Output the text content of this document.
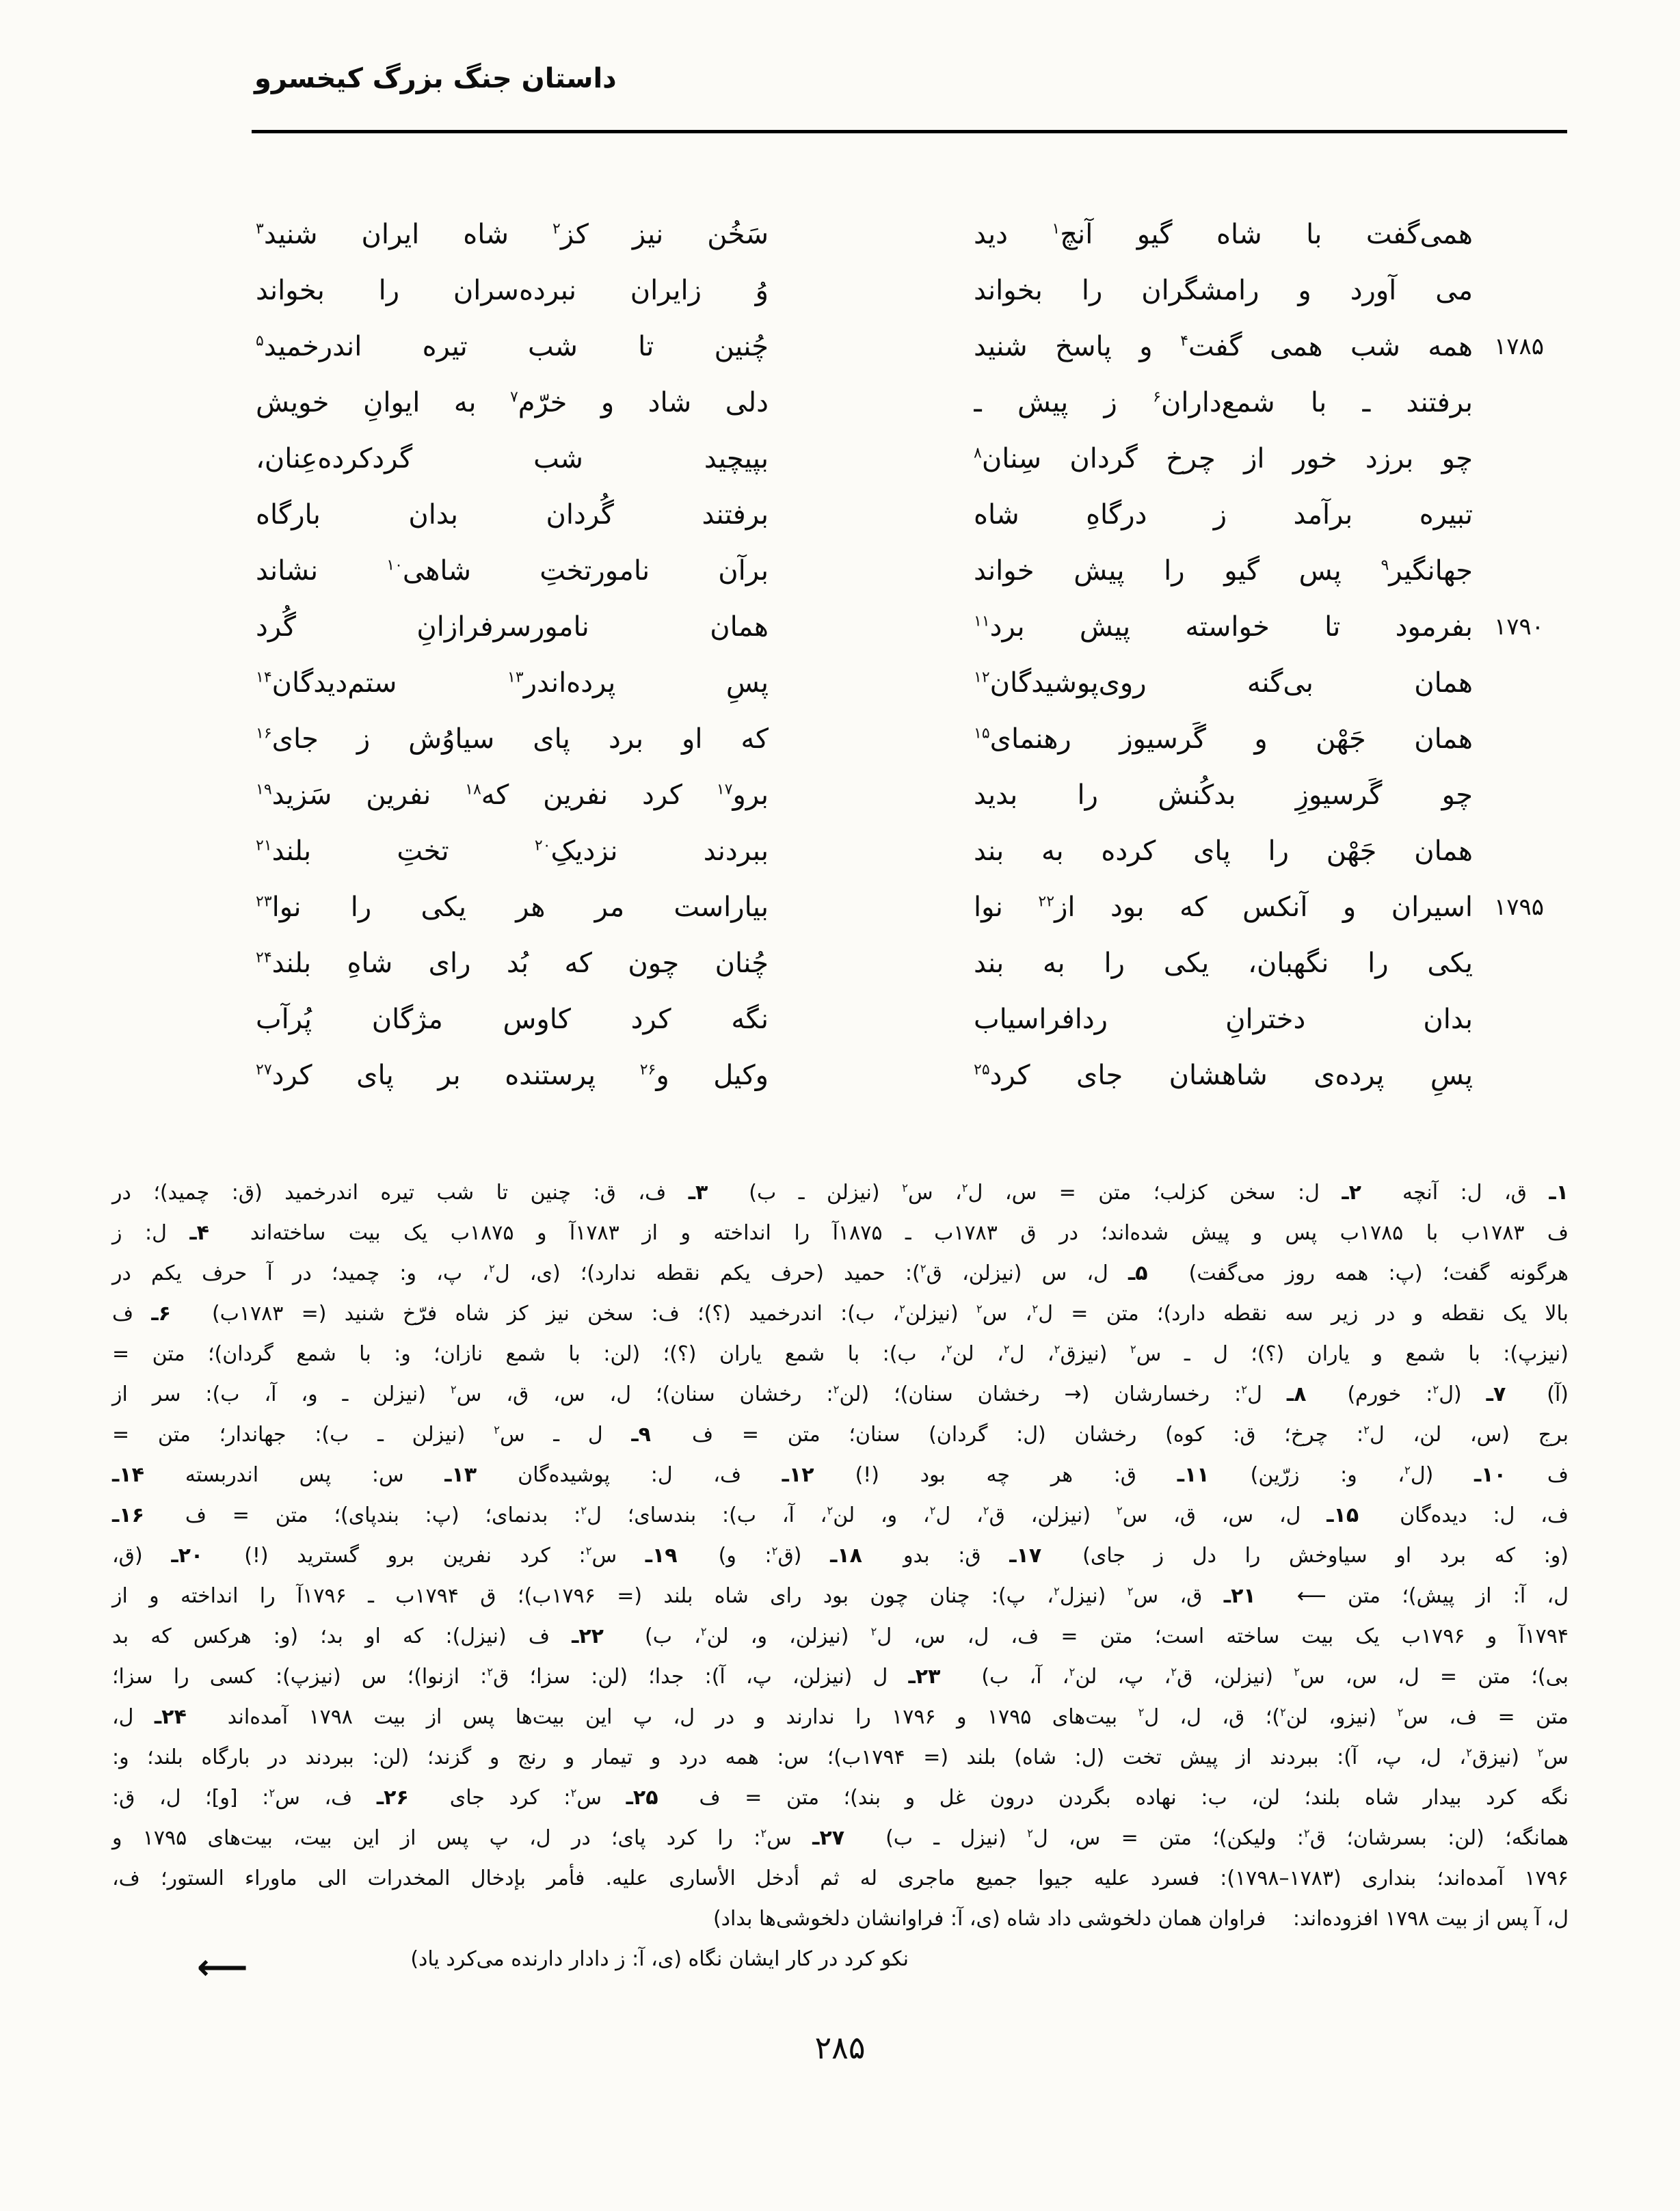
داستان جنگ بزرگ کیخسرو
همی‌گفت با شاه گیو آنچ$^۱$ دید
سَخُن نیز کز$^۲$ شاه ایران شنید$^۳$
می آورد و رامشگران را بخواند
وُ زایران نبرده‌سران را بخواند
۱۷۸۵
همه شب همی گفت$^۴$ و پاسخ شنید
چُنین تا شب تیره اندرخمید$^۵$
برفتند ـ با شمع‌داران$^۶$ ز پیش ـ
دلی شاد و خرّم$^۷$ به ایوانِ خویش
چو برزد خور از چرخ گردان سِنان$^۸$
بپیچید شب گردکرده‌عِنان،
تبیره برآمد ز درگاهِ شاه
برفتند گُردان بدان بارگاه
جهانگیر$^۹$ پس گیو را پیش خواند
برآن نامورتختِ شاهی$^{۱۰}$ نشاند
۱۷۹۰
بفرمود تا خواسته پیش برد$^{۱۱}$
همان نامورسرفرازانِ گُرد
همان بی‌گنه روی‌پوشیدگان$^{۱۲}$
پسِ پرده‌اندر$^{۱۳}$ ستم‌دیدگان$^{۱۴}$
همان جَهْن و گَرسیوز رهنمای$^{۱۵}$
که او برد پای سیاوُش ز جای$^{۱۶}$
چو گَرسیوزِ بدکُنش را بدید
برو$^{۱۷}$ کرد نفرین که$^{۱۸}$ نفرین سَزید$^{۱۹}$
همان جَهْن را پای کرده به بند
ببردند نزدیکِ$^{۲۰}$ تختِ بلند$^{۲۱}$
۱۷۹۵
اسیران و آنکس که بود از$^{۲۲}$ نوا
بیاراست مر هر یکی را نوا$^{۲۳}$
یکی را نگهبان، یکی را به بند
چُنان چون که بُد رای شاهِ بلند$^{۲۴}$
بدان دخترانِ ردافراسیاب
نگه کرد کاوس مژگان پُرآب
پسِ پرده‌ی شاهشان جای کرد$^{۲۵}$
وکیل و$^{۲۶}$ پرستنده بر پای کرد$^{۲۷}$
۱ـ ق، ل: آنچه  ۲ـ ل: سخن کزلب؛ متن = س، ل$^۲$، س$^۲$ (نیزلن ـ ب)  ۳ـ ف، ق: چنین تا شب تیره اندرخمید (ق: چمید)؛ در
ف ۱۷۸۳ب با ۱۷۸۵ب پس و پیش شده‌اند؛ در ق ۱۷۸۳ب ـ ۱۸۷۵آ را انداخته و از ۱۷۸۳آ و ۱۸۷۵ب یک بیت ساخته‌اند  ۴ـ ل: ز
هرگونه گفت؛ (پ: همه روز می‌گفت)  ۵ـ ل، س (نیزلن، ق$^۲$): حمید (حرف یکم نقطه ندارد)؛ (ی، ل$^۲$، پ، و: چمید؛ در آ حرف یکم در
بالا یک نقطه و در زیر سه نقطه دارد)؛ متن = ل$^۲$، س$^۲$ (نیزلن$^۲$، ب): اندرخمید (؟)؛ ف: سخن نیز کز شاه فرّخ شنید (= ۱۷۸۳ب)  ۶ـ ف
(نیزپ): با شمع و یاران (؟)؛ ل ـ س$^۲$ (نیزق$^۲$، ل$^۲$، لن$^۲$، ب): با شمع یاران (؟)؛ (لن: با شمع نازان؛ و: با شمع گردان)؛ متن =
(آ)  ۷ـ (ل$^۲$: خورم)  ۸ـ ل$^۲$: رخسارشان (→ رخشان سنان)؛ (لن$^۲$: رخشان سنان)؛ ل، س، ق، س$^۲$ (نیزلن ـ و، آ، ب): سر از
برج (س، لن، ل$^۲$: چرخ؛ ق: کوه) رخشان (ل: گردان) سنان؛ متن = ف  ۹ـ ل ـ س$^۲$ (نیزلن ـ ب): جهاندار؛ متن =
ف  ۱۰ـ (ل$^۲$، و: زرّین)  ۱۱ـ ق: هر چه بود (!)  ۱۲ـ ف، ل: پوشیده‌گان  ۱۳ـ س: پس اندربسته  ۱۴ـ
ف، ل: دیده‌گان  ۱۵ـ ل، س، ق، س$^۲$ (نیزلن، ق$^۲$، ل$^۲$، و، لن$^۲$، آ، ب): بندسای؛ ل$^۲$: بدنمای؛ (پ: بندپای)؛ متن = ف  ۱۶ـ
(و: که برد او سیاوخش را دل ز جای)  ۱۷ـ ق: بدو  ۱۸ـ (ق$^۲$: و)  ۱۹ـ س$^۲$: کرد نفرین برو گسترید (!)  ۲۰ـ (ق،
ل، آ: از پیش)؛ متن ⟵  ۲۱ـ ق، س$^۲$ (نیزل$^۲$، پ): چنان چون بود رای شاه بلند (= ۱۷۹۶ب)؛ ق ۱۷۹۴ب ـ ۱۷۹۶آ را انداخته و از
۱۷۹۴آ و ۱۷۹۶ب یک بیت ساخته است؛ متن = ف، ل، س، ل$^۲$ (نیزلن، و، لن$^۲$، ب)  ۲۲ـ ف (نیزل): که او بد؛ (و: هرکس که بد
بی)؛ متن = ل، س، س$^۲$ (نیزلن، ق$^۲$، پ، لن$^۲$، آ، ب)  ۲۳ـ ل (نیزلن، پ، آ): جدا؛ (لن: سزا؛ ق$^۲$: ازنوا)؛ س (نیزپ): کسی را سزا؛
متن = ف، س$^۲$ (نیزو، لن$^۲$)؛ ق، ل، ل$^۲$ بیت‌های ۱۷۹۵ و ۱۷۹۶ را ندارند و در ل، پ این بیت‌ها پس از بیت ۱۷۹۸ آمده‌اند  ۲۴ـ ل،
س$^۲$ (نیزق$^۲$، ل، پ، آ): ببردند از پیش تخت (ل: شاه) بلند (= ۱۷۹۴ب)؛ س: همه درد و تیمار و رنج و گزند؛ (لن: ببردند در بارگاه بلند؛ و:
نگه کرد بیدار شاه بلند؛ لن، ب: نهاده بگردن درون غل و بند)؛ متن = ف  ۲۵ـ س$^۲$: کرد جای  ۲۶ـ ف، س$^۲$: [و]؛ ل، ق:
همانگه؛ (لن: بسرشان؛ ق$^۲$: ولیکن)؛ متن = س، ل$^۲$ (نیزل ـ ب)  ۲۷ـ س$^۲$: را کرد پای؛ در ل، پ پس از این بیت، بیت‌های ۱۷۹۵ و
۱۷۹۶ آمده‌اند؛ بنداری (۱۷۸۳–۱۷۹۸): فسرد علیه جیوا جمیع ماجری له ثم أدخل الأساری علیه. فأمر بإدخال المخدرات الی ماوراء الستور؛ ف،
ل، آ پس از بیت ۱۷۹۸ افزوده‌اند:  فراوان همان دلخوشی داد شاه (ی، آ: فراوانشان دلخوشی‌ها بداد)
نکو کرد در کار ایشان نگاه (ی، آ: ز دادار دارنده می‌کرد یاد)
⟵
۲۸۵
